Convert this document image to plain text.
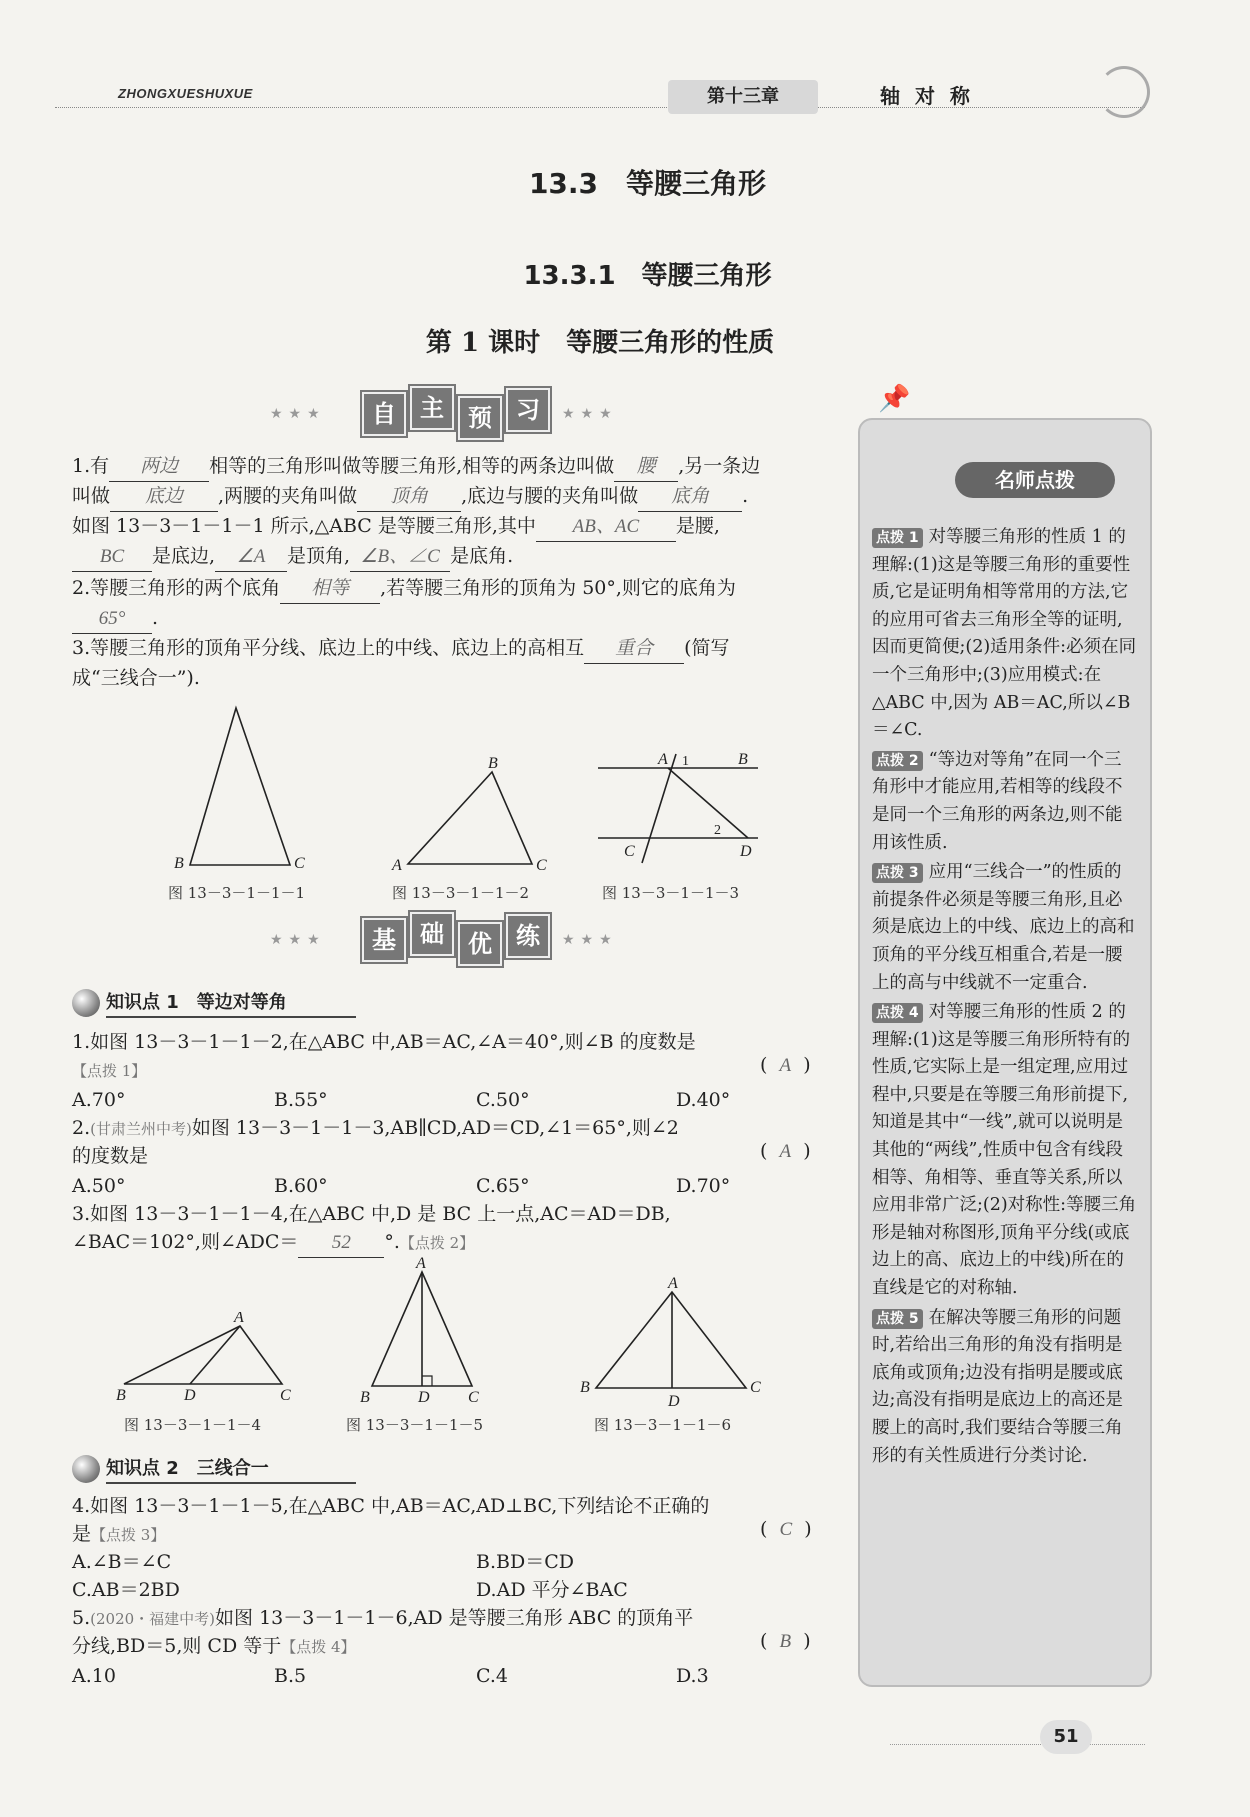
ZHONGXUESHUXUE	第十三章	轴 对 称
13.3　等腰三角形
13.3.1　等腰三角形
第 1 课时　等腰三角形的性质
★★★	自	主	预	习	★★★
1.有 两边 相等的三角形叫做等腰三角形,相等的两条边叫做 腰 ,另一条边
叫做 底边 ,两腰的夹角叫做 顶角 ,底边与腰的夹角叫做 底角 .
如图 13－3－1－1－1 所示,△ABC 是等腰三角形,其中 AB、AC 是腰,
BC 是底边, ∠A 是顶角, ∠B、∠C 是底角.
2.等腰三角形的两个底角 相等 ,若等腰三角形的顶角为 50°,则它的底角为
65° .
3.等腰三角形的顶角平分线、底边上的中线、底边上的高相互 重合 (简写
成“三线合一”).
B	C
图 13－3－1－1－1
A
B
C
图 13－3－1－1－2
A 1	B
2
C	D
图 13－3－1－1－3
★★★	基	础	优	练	★★★
知识点 1　等边对等角
1.如图 13－3－1－1－2,在△ABC 中,AB＝AC,∠A＝40°,则∠B 的度数是
【点拨 1】	(  A  )
A.70°	B.55°	C.50°	D.40°
2.(甘肃兰州中考)如图 13－3－1－1－3,AB∥CD,AD＝CD,∠1＝65°,则∠2
的度数是	(  A  )
A.50°	B.60°	C.65°	D.70°
3.如图 13－3－1－1－4,在△ABC 中,D 是 BC 上一点,AC＝AD＝DB,
∠BAC＝102°,则∠ADC＝ 52 °.【点拨 2】
A
B	D	C
图 13－3－1－1－4
A
B	D C
图 13－3－1－1－5
A
B
D
C
图 13－3－1－1－6
知识点 2　三线合一
4.如图 13－3－1－1－5,在△ABC 中,AB＝AC,AD⊥BC,下列结论不正确的
是【点拨 3】	(  C  )
A.∠B＝∠C	B.BD＝CD
C.AB＝2BD	D.AD 平分∠BAC
5.(2020・福建中考)如图 13－3－1－1－6,AD 是等腰三角形 ABC 的顶角平
分线,BD＝5,则 CD 等于【点拨 4】	(  B  )
A.10	B.5	C.4	D.3
📌
名师点拨
点拨 1 对等腰三角形的性质 1 的理解:(1)这是等腰三角形的重要性质,它是证明角相等常用的方法,它的应用可省去三角形全等的证明,因而更简便;(2)适用条件:必须在同一个三角形中;(3)应用模式:在△ABC 中,因为 AB＝AC,所以∠B＝∠C.
点拨 2 “等边对等角”在同一个三角形中才能应用,若相等的线段不是同一个三角形的两条边,则不能用该性质.
点拨 3 应用“三线合一”的性质的前提条件必须是等腰三角形,且必须是底边上的中线、底边上的高和顶角的平分线互相重合,若是一腰上的高与中线就不一定重合.
点拨 4 对等腰三角形的性质 2 的理解:(1)这是等腰三角形所特有的性质,它实际上是一组定理,应用过程中,只要是在等腰三角形前提下,知道是其中“一线”,就可以说明是其他的“两线”,性质中包含有线段相等、角相等、垂直等关系,所以应用非常广泛;(2)对称性:等腰三角形是轴对称图形,顶角平分线(或底边上的高、底边上的中线)所在的直线是它的对称轴.
点拨 5 在解决等腰三角形的问题时,若给出三角形的角没有指明是底角或顶角;边没有指明是腰或底边;高没有指明是底边上的高还是腰上的高时,我们要结合等腰三角形的有关性质进行分类讨论.
51
